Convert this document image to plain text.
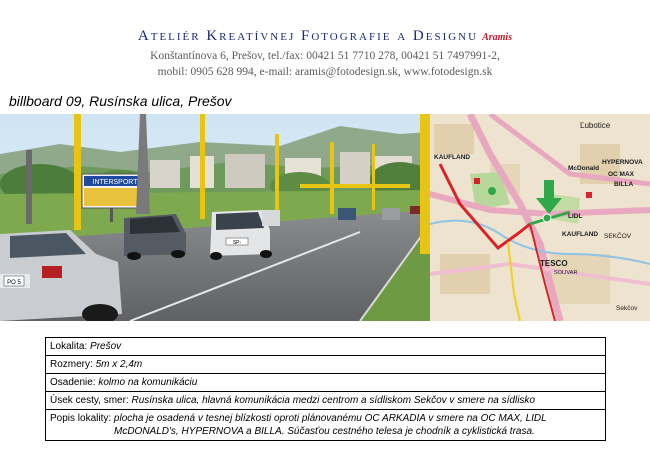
Ateliér Kreatívnej Fotografie a Designu Aramis
Konštantínova 6, Prešov, tel./fax: 00421 51 7710 278, 00421 51 7497991-2,
mobil: 0905 628 994, e-mail: aramis@fotodesign.sk, www.fotodesign.sk
billboard 09, Rusínska ulica, Prešov
INTERSPORT
PO 5
SP-
Ľubotice
KAUFLAND
McDonald
HYPERNOVA
OC MAX
BILLA
LIDL
KAUFLAND SEKČOV
TESCO
SOLIVAR
Sekčov
Lokalita: Prešov
Rozmery: 5m x 2,4m
Osadenie: kolmo na komunikáciu
Úsek cesty, smer: Rusínska ulica, hlavná komunikácia medzi centrom a sídliskom Sekčov v smere na sídlisko
Popis lokality: plocha je osadená v tesnej blízkosti oproti plánovanému OC ARKADIA v smere na OC MAX, LIDL
McDONALD's, HYPERNOVA a BILLA. Súčasťou cestného telesa je chodník a cyklistická trasa.
